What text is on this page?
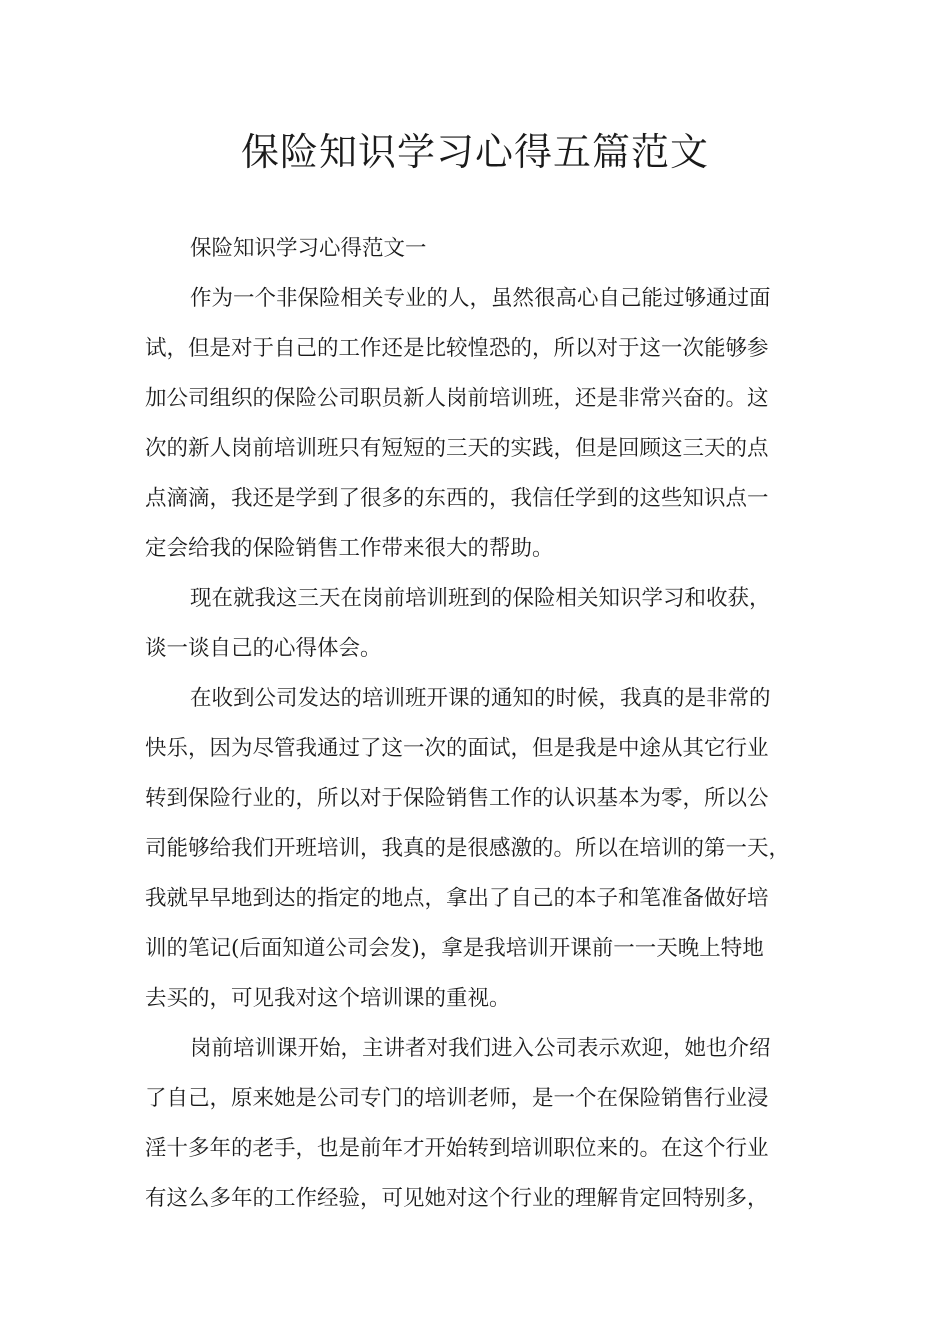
保险知识学习心得五篇范文
保险知识学习心得范文一
作为一个非保险相关专业的人，虽然很高心自己能过够通过面
试，但是对于自己的工作还是比较惶恐的，所以对于这一次能够参
加公司组织的保险公司职员新人岗前培训班，还是非常兴奋的。这
次的新人岗前培训班只有短短的三天的实践，但是回顾这三天的点
点滴滴，我还是学到了很多的东西的，我信任学到的这些知识点一
定会给我的保险销售工作带来很大的帮助。
现在就我这三天在岗前培训班到的保险相关知识学习和收获，
谈一谈自己的心得体会。
在收到公司发达的培训班开课的通知的时候，我真的是非常的
快乐，因为尽管我通过了这一次的面试，但是我是中途从其它行业
转到保险行业的，所以对于保险销售工作的认识基本为零，所以公
司能够给我们开班培训，我真的是很感激的。所以在培训的第一天，
我就早早地到达的指定的地点，拿出了自己的本子和笔准备做好培
训的笔记(后面知道公司会发)，拿是我培训开课前一一天晚上特地
去买的，可见我对这个培训课的重视。
岗前培训课开始，主讲者对我们进入公司表示欢迎，她也介绍
了自己，原来她是公司专门的培训老师，是一个在保险销售行业浸
淫十多年的老手，也是前年才开始转到培训职位来的。在这个行业
有这么多年的工作经验，可见她对这个行业的理解肯定回特别多，
